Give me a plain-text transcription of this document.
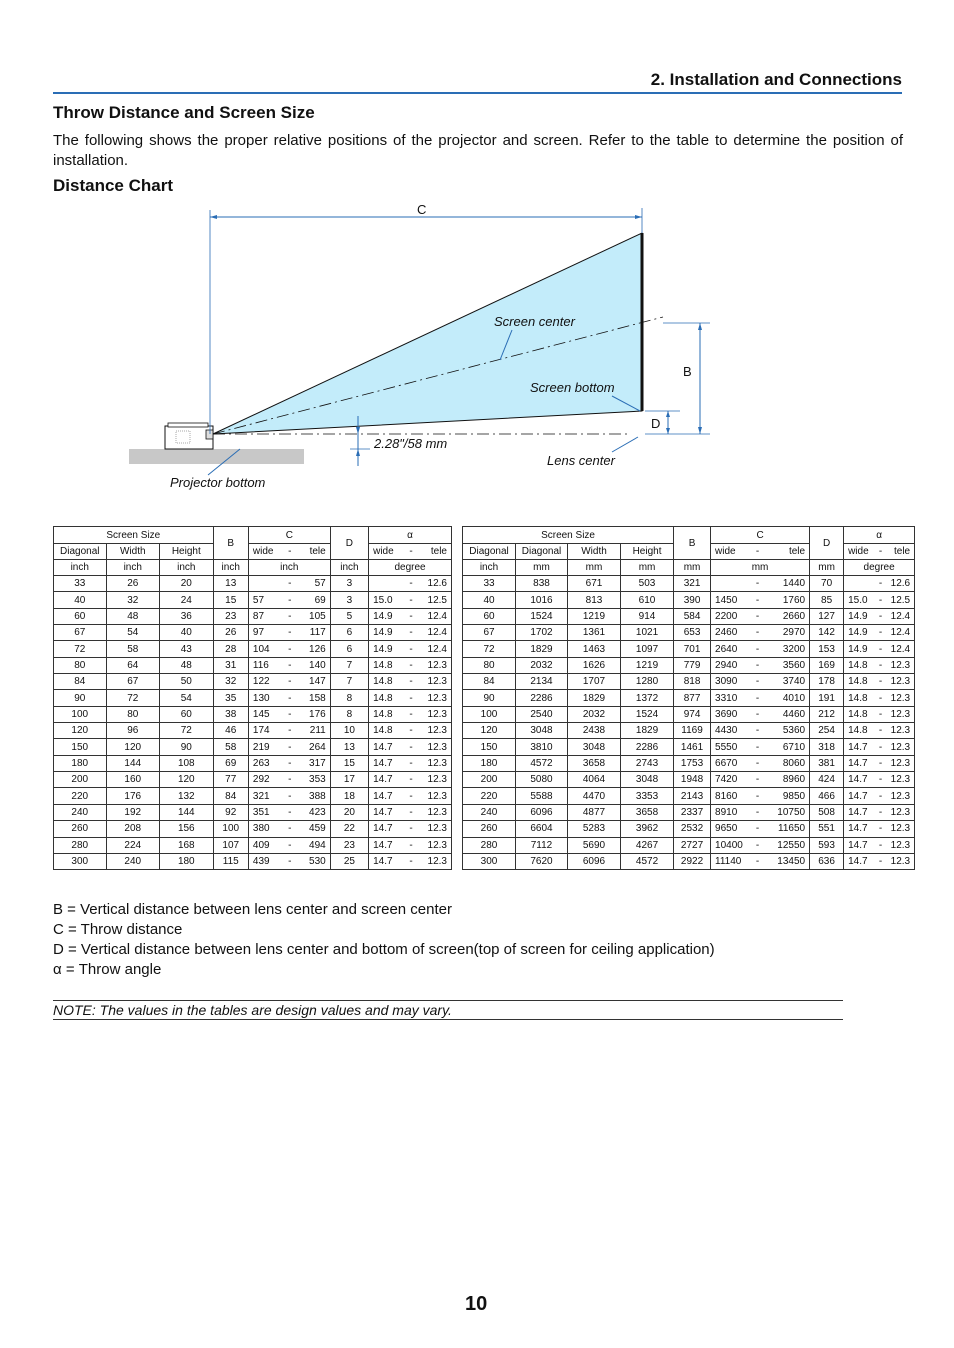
2. Installation and Connections
Throw Distance and Screen Size
The following shows the proper relative positions of the projector and screen. Refer to the table to determine the position of installation.
Distance Chart
C
B
D
2.28"/58 mm
Screen center
Screen bottom
Lens center
Projector bottom
Screen Size			B	C			D	α		
Diagonal	Width	Height		wide	-	tele		wide	-	tele
inch	inch	inch	inch	inch			inch	degree		
33	26	20	13		-	57	3		-	12.6
40	32	24	15	57	-	69	3	15.0	-	12.5
60	48	36	23	87	-	105	5	14.9	-	12.4
67	54	40	26	97	-	117	6	14.9	-	12.4
72	58	43	28	104	-	126	6	14.9	-	12.4
80	64	48	31	116	-	140	7	14.8	-	12.3
84	67	50	32	122	-	147	7	14.8	-	12.3
90	72	54	35	130	-	158	8	14.8	-	12.3
100	80	60	38	145	-	176	8	14.8	-	12.3
120	96	72	46	174	-	211	10	14.8	-	12.3
150	120	90	58	219	-	264	13	14.7	-	12.3
180	144	108	69	263	-	317	15	14.7	-	12.3
200	160	120	77	292	-	353	17	14.7	-	12.3
220	176	132	84	321	-	388	18	14.7	-	12.3
240	192	144	92	351	-	423	20	14.7	-	12.3
260	208	156	100	380	-	459	22	14.7	-	12.3
280	224	168	107	409	-	494	23	14.7	-	12.3
300	240	180	115	439	-	530	25	14.7	-	12.3
Screen Size				B	C			D	α		
Diagonal	Diagonal	Width	Height		wide	-	tele		wide	-	tele
inch	mm	mm	mm	mm	mm			mm	degree		
33	838	671	503	321		-	1440	70		-	12.6
40	1016	813	610	390	1450	-	1760	85	15.0	-	12.5
60	1524	1219	914	584	2200	-	2660	127	14.9	-	12.4
67	1702	1361	1021	653	2460	-	2970	142	14.9	-	12.4
72	1829	1463	1097	701	2640	-	3200	153	14.9	-	12.4
80	2032	1626	1219	779	2940	-	3560	169	14.8	-	12.3
84	2134	1707	1280	818	3090	-	3740	178	14.8	-	12.3
90	2286	1829	1372	877	3310	-	4010	191	14.8	-	12.3
100	2540	2032	1524	974	3690	-	4460	212	14.8	-	12.3
120	3048	2438	1829	1169	4430	-	5360	254	14.8	-	12.3
150	3810	3048	2286	1461	5550	-	6710	318	14.7	-	12.3
180	4572	3658	2743	1753	6670	-	8060	381	14.7	-	12.3
200	5080	4064	3048	1948	7420	-	8960	424	14.7	-	12.3
220	5588	4470	3353	2143	8160	-	9850	466	14.7	-	12.3
240	6096	4877	3658	2337	8910	-	10750	508	14.7	-	12.3
260	6604	5283	3962	2532	9650	-	11650	551	14.7	-	12.3
280	7112	5690	4267	2727	10400	-	12550	593	14.7	-	12.3
300	7620	6096	4572	2922	11140	-	13450	636	14.7	-	12.3
B = Vertical distance between lens center and screen center
C = Throw distance
D = Vertical distance between lens center and bottom of screen(top of screen for ceiling application)
α = Throw angle
NOTE: The values in the tables are design values and may vary.
10
